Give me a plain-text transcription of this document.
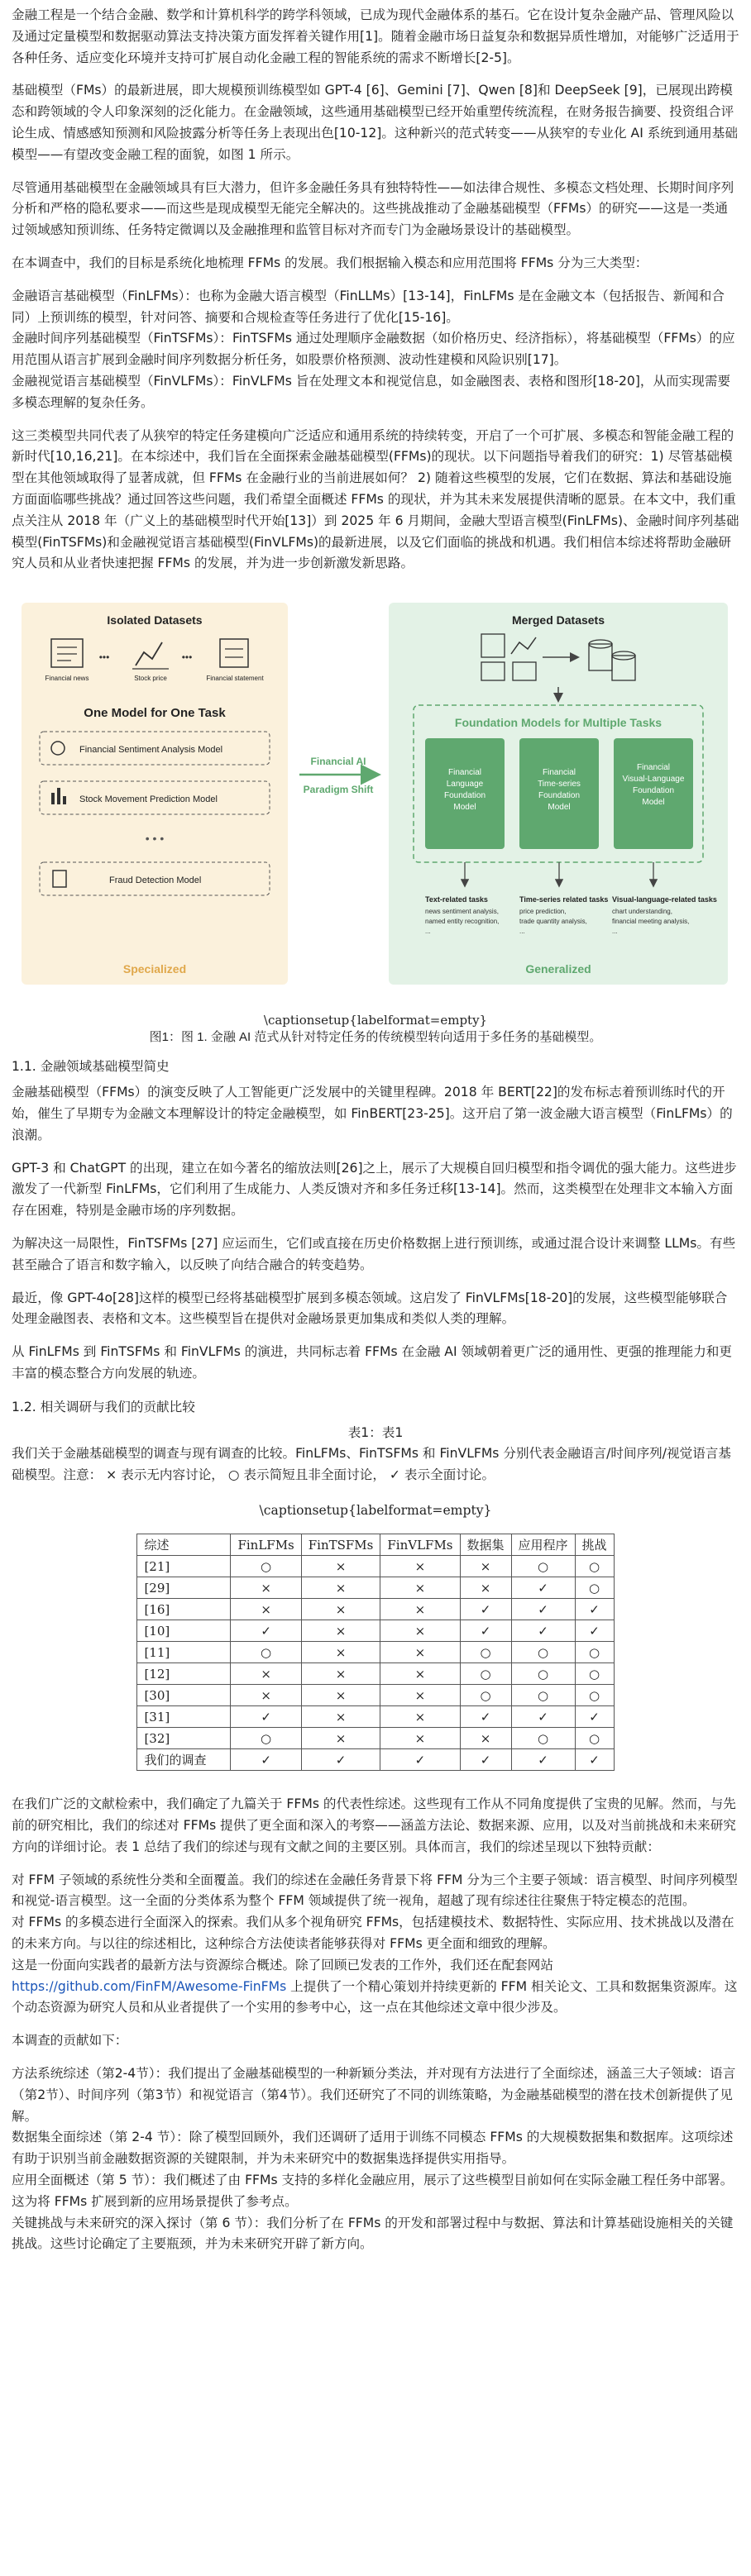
金融工程是一个结合金融、数学和计算机科学的跨学科领域，已成为现代金融体系的基石。它在设计复杂金融产品、管理风险以及通过定量模型和数据驱动算法支持决策方面发挥着关键作用[1]。随着金融市场日益复杂和数据异质性增加，对能够广泛适用于各种任务、适应变化环境并支持可扩展自动化金融工程的智能系统的需求不断增长[2-5]。

基础模型（FMs）的最新进展，即大规模预训练模型如 GPT-4 [6]、Gemini [7]、Qwen [8]和 DeepSeek [9]，已展现出跨模态和跨领域的令人印象深刻的泛化能力。在金融领域，这些通用基础模型已经开始重塑传统流程，在财务报告摘要、投资组合评论生成、情感感知预测和风险披露分析等任务上表现出色[10-12]。这种新兴的范式转变——从狭窄的专业化 AI 系统到通用基础模型——有望改变金融工程的面貌，如图 1 所示。

尽管通用基础模型在金融领域具有巨大潜力，但许多金融任务具有独特特性——如法律合规性、多模态文档处理、长期时间序列分析和严格的隐私要求——而这些是现成模型无能完全解决的。这些挑战推动了金融基础模型（FFMs）的研究——这是一类通过领域感知预训练、任务特定微调以及金融推理和监管目标对齐而专门为金融场景设计的基础模型。

在本调查中，我们的目标是系统化地梳理 FFMs 的发展。我们根据输入模态和应用范围将 FFMs 分为三大类型：

金融语言基础模型（FinLFMs）：也称为金融大语言模型（FinLLMs）[13-14]，FinLFMs 是在金融文本（包括报告、新闻和合同）上预训练的模型，针对问答、摘要和合规检查等任务进行了优化[15-16]。

金融时间序列基础模型（FinTSFMs）：FinTSFMs 通过处理顺序金融数据（如价格历史、经济指标），将基础模型（FFMs）的应用范围从语言扩展到金融时间序列数据分析任务，如股票价格预测、波动性建模和风险识别[17]。

金融视觉语言基础模型（FinVLFMs）：FinVLFMs 旨在处理文本和视觉信息，如金融图表、表格和图形[18-20]，从而实现需要多模态理解的复杂任务。

这三类模型共同代表了从狭窄的特定任务建模向广泛适应和通用系统的持续转变，开启了一个可扩展、多模态和智能金融工程的新时代[10,16,21]。在本综述中，我们旨在全面探索金融基础模型(FFMs)的现状。以下问题指导着我们的研究：1) 尽管基础模型在其他领域取得了显著成就，但 FFMs 在金融行业的当前进展如何？ 2) 随着这些模型的发展，它们在数据、算法和基础设施方面面临哪些挑战？通过回答这些问题，我们希望全面概述 FFMs 的现状，并为其未来发展提供清晰的愿景。在本文中，我们重点关注从 2018 年（广义上的基础模型时代开始[13]）到 2025 年 6 月期间，金融大型语言模型(FinLFMs)、金融时间序列基础模型(FinTSFMs)和金融视觉语言基础模型(FinVLFMs)的最新进展，以及它们面临的挑战和机遇。我们相信本综述将帮助金融研究人员和从业者快速把握 FFMs 的发展，并为进一步创新激发新思路。

Isolated Datasets
Financial news	Stock price
•••	•••
Financial statement
One Model for One Task
Financial Sentiment Analysis Model
Stock Movement Prediction Model
• • •
Fraud Detection Model
Specialized
Financial AI
Paradigm Shift
Merged Datasets
Foundation Models for Multiple Tasks
Financial
Language
Foundation
Model
Financial
Time-series
Foundation
Model
Financial
Visual-Language
Foundation
Model
Text-related tasks
news sentiment analysis,
named entity recognition,
...
Time-series related tasks
price prediction,
trade quantity analysis,
...
Visual-language-related tasks
chart understanding,
financial meeting analysis,
...
Generalized
\captionsetup{labelformat=empty}
图1：图 1. 金融 AI 范式从针对特定任务的传统模型转向适用于多任务的基础模型。

1.1. 金融领域基础模型简史

金融基础模型（FFMs）的演变反映了人工智能更广泛发展中的关键里程碑。2018 年 BERT[22]的发布标志着预训练时代的开始，催生了早期专为金融文本理解设计的特定金融模型，如 FinBERT[23-25]。这开启了第一波金融大语言模型（FinLFMs）的浪潮。

GPT-3 和 ChatGPT 的出现，建立在如今著名的缩放法则[26]之上，展示了大规模自回归模型和指令调优的强大能力。这些进步激发了一代新型 FinLFMs，它们利用了生成能力、人类反馈对齐和多任务迁移[13-14]。然而，这类模型在处理非文本输入方面存在困难，特别是金融市场的序列数据。

为解决这一局限性，FinTSFMs [27] 应运而生，它们或直接在历史价格数据上进行预训练，或通过混合设计来调整 LLMs。有些甚至融合了语言和数字输入，以反映了向结合融合的转变趋势。

最近，像 GPT-4o[28]这样的模型已经将基础模型扩展到多模态领域。这启发了 FinVLFMs[18-20]的发展，这些模型能够联合处理金融图表、表格和文本。这些模型旨在提供对金融场景更加集成和类似人类的理解。

从 FinLFMs 到 FinTSFMs 和 FinVLFMs 的演进，共同标志着 FFMs 在金融 AI 领域朝着更广泛的通用性、更强的推理能力和更丰富的模态整合方向发展的轨迹。

1.2. 相关调研与我们的贡献比较

表1：表1

我们关于金融基础模型的调查与现有调查的比较。FinLFMs、FinTSFMs 和 FinVLFMs 分别代表金融语言/时间序列/视觉语言基础模型。注意： × 表示无内容讨论， ○ 表示简短且非全面讨论， ✓ 表示全面讨论。

\captionsetup{labelformat=empty}

综述	FinLFMs	FinTSFMs	FinVLFMs	数据集	应用程序	挑战
[21]	○	×	×	×	○	○
[29]	×	×	×	×	✓	○
[16]	×	×	×	✓	✓	✓
[10]	✓	×	×	✓	✓	✓
[11]	○	×	×	○	○	○
[12]	×	×	×	○	○	○
[30]	×	×	×	○	○	○
[31]	✓	×	×	✓	✓	✓
[32]	○	×	×	×	○	○
我们的调查	✓	✓	✓	✓	✓	✓

在我们广泛的文献检索中，我们确定了九篇关于 FFMs 的代表性综述。这些现有工作从不同角度提供了宝贵的见解。然而，与先前的研究相比，我们的综述对 FFMs 提供了更全面和深入的考察——涵盖方法论、数据来源、应用，以及对当前挑战和未来研究方向的详细讨论。表 1 总结了我们的综述与现有文献之间的主要区别。具体而言，我们的综述呈现以下独特贡献：

对 FFM 子领域的系统性分类和全面覆盖。我们的综述在金融任务背景下将 FFM 分为三个主要子领域：语言模型、时间序列模型和视觉-语言模型。这一全面的分类体系为整个 FFM 领域提供了统一视角，超越了现有综述往往聚焦于特定模态的范围。

对 FFMs 的多模态进行全面深入的探索。我们从多个视角研究 FFMs，包括建模技术、数据特性、实际应用、技术挑战以及潜在的未来方向。与以往的综述相比，这种综合方法使读者能够获得对 FFMs 更全面和细致的理解。

这是一份面向实践者的最新方法与资源综合概述。除了回顾已发表的工作外，我们还在配套网站https://github.com/FinFM/Awesome-FinFMs 上提供了一个精心策划并持续更新的 FFM 相关论文、工具和数据集资源库。这个动态资源为研究人员和从业者提供了一个实用的参考中心，这一点在其他综述文章中很少涉及。

本调查的贡献如下：

方法系统综述（第2-4节）：我们提出了金融基础模型的一种新颖分类法，并对现有方法进行了全面综述，涵盖三大子领域：语言（第2节）、时间序列（第3节）和视觉语言（第4节）。我们还研究了不同的训练策略，为金融基础模型的潜在技术创新提供了见解。

数据集全面综述（第 2-4 节）：除了模型回顾外，我们还调研了适用于训练不同模态 FFMs 的大规模数据集和数据库。这项综述有助于识别当前金融数据资源的关键限制，并为未来研究中的数据集选择提供实用指导。

应用全面概述（第 5 节）：我们概述了由 FFMs 支持的多样化金融应用，展示了这些模型目前如何在实际金融工程任务中部署。这为将 FFMs 扩展到新的应用场景提供了参考点。

关键挑战与未来研究的深入探讨（第 6 节）：我们分析了在 FFMs 的开发和部署过程中与数据、算法和计算基础设施相关的关键挑战。这些讨论确定了主要瓶颈，并为未来研究开辟了新方向。
